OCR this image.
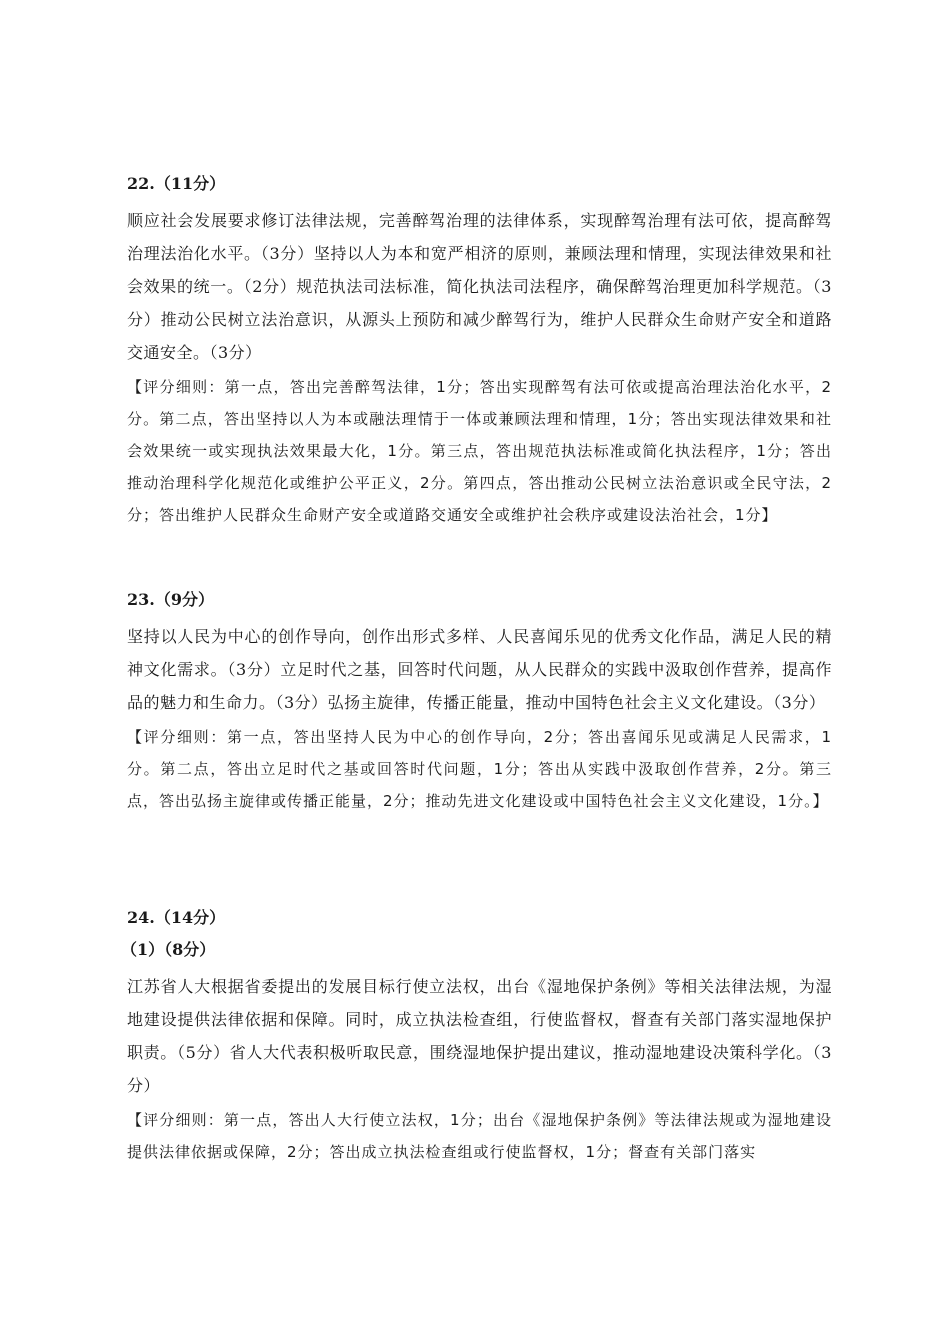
22.（11分）

顺应社会发展要求修订法律法规，完善醉驾治理的法律体系，实现醉驾治理有法可依，提高醉驾治理法治化水平。（3分）坚持以人为本和宽严相济的原则，兼顾法理和情理，实现法律效果和社会效果的统一。（2分）规范执法司法标准，简化执法司法程序，确保醉驾治理更加科学规范。（3分）推动公民树立法治意识，从源头上预防和减少醉驾行为，维护人民群众生命财产安全和道路交通安全。（3分）

【评分细则：第一点，答出完善醉驾法律，1分；答出实现醉驾有法可依或提高治理法治化水平，2分。第二点，答出坚持以人为本或融法理情于一体或兼顾法理和情理，1分；答出实现法律效果和社会效果统一或实现执法效果最大化，1分。第三点，答出规范执法标准或简化执法程序，1分；答出推动治理科学化规范化或维护公平正义，2分。第四点，答出推动公民树立法治意识或全民守法，2分；答出维护人民群众生命财产安全或道路交通安全或维护社会秩序或建设法治社会，1分】

23.（9分）

坚持以人民为中心的创作导向，创作出形式多样、人民喜闻乐见的优秀文化作品，满足人民的精神文化需求。（3分）立足时代之基，回答时代问题，从人民群众的实践中汲取创作营养，提高作品的魅力和生命力。（3分）弘扬主旋律，传播正能量，推动中国特色社会主义文化建设。（3分）

【评分细则：第一点，答出坚持人民为中心的创作导向，2分；答出喜闻乐见或满足人民需求，1分。第二点，答出立足时代之基或回答时代问题，1分；答出从实践中汲取创作营养，2分。第三点，答出弘扬主旋律或传播正能量，2分；推动先进文化建设或中国特色社会主义文化建设，1分。】

24.（14分）
（1）（8分）

江苏省人大根据省委提出的发展目标行使立法权，出台《湿地保护条例》等相关法律法规，为湿地建设提供法律依据和保障。同时，成立执法检查组，行使监督权，督查有关部门落实湿地保护职责。（5分）省人大代表积极听取民意，围绕湿地保护提出建议，推动湿地建设决策科学化。（3分）

【评分细则：第一点，答出人大行使立法权，1分；出台《湿地保护条例》等法律法规或为湿地建设提供法律依据或保障，2分；答出成立执法检查组或行使监督权，1分；督查有关部门落实
